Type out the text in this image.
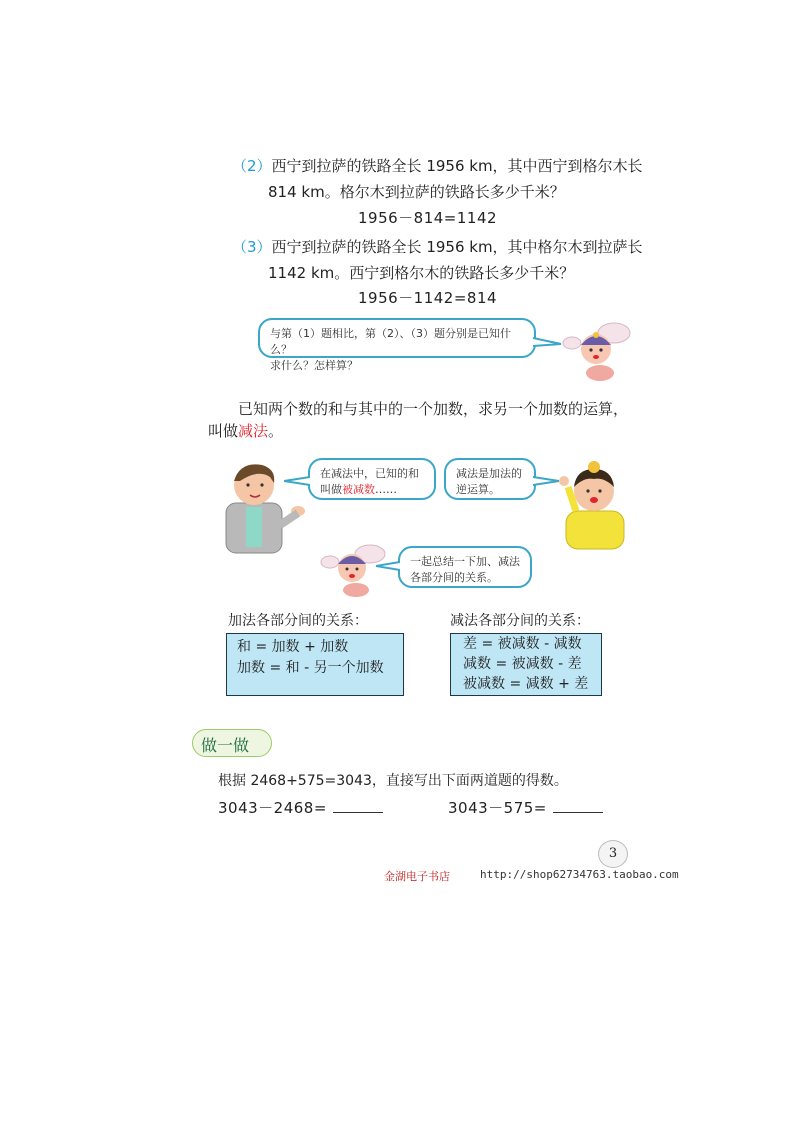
（2）西宁到拉萨的铁路全长 1956 km，其中西宁到格尔木长
814 km。格尔木到拉萨的铁路长多少千米？
1956－814=1142
（3）西宁到拉萨的铁路全长 1956 km，其中格尔木到拉萨长
1142 km。西宁到格尔木的铁路长多少千米？
1956－1142=814
与第（1）题相比，第（2）、（3）题分别是已知什么？
求什么？怎样算？
已知两个数的和与其中的一个加数，求另一个加数的运算，
叫做减法。
在减法中，已知的和
叫做被减数……
减法是加法的
逆运算。
一起总结一下加、减法
各部分间的关系。
加法各部分间的关系：
和 = 加数 + 加数
加数 = 和 - 另一个加数
减法各部分间的关系：
差 = 被减数 - 减数
减数 = 被减数 - 差
被减数 = 减数 + 差
做一做
根据 2468+575=3043，直接写出下面两道题的得数。
3043－2468=	3043－575=
3
金湖电子书店	http://shop62734763.taobao.com
